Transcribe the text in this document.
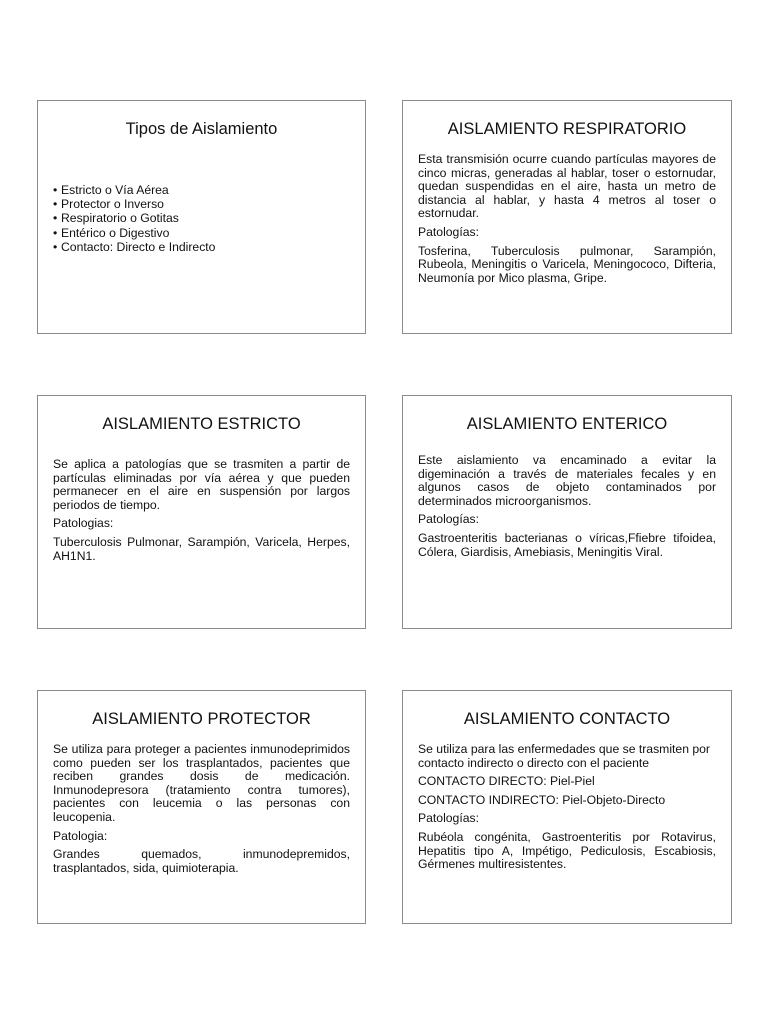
Tipos de Aislamiento
• Estricto o Vía Aérea
• Protector o Inverso
• Respiratorio o Gotitas
• Entérico o Digestivo
• Contacto: Directo e Indirecto
AISLAMIENTO RESPIRATORIO

Esta transmisión ocurre cuando partículas mayores de cinco micras, generadas al hablar, toser o estornudar, quedan suspendidas en el aire, hasta un metro de distancia al hablar, y hasta 4 metros al toser o estornudar.

Patologías:

Tosferina, Tuberculosis pulmonar, Sarampión, Rubeola, Meningitis o Varicela, Meningococo, Difteria, Neumonía por Mico plasma, Gripe.

AISLAMIENTO ESTRICTO

Se aplica a patologías que se trasmiten a partir de partículas eliminadas por vía aérea y que pueden permanecer en el aire en suspensión por largos periodos de tiempo.

Patologias:

Tuberculosis Pulmonar, Sarampión, Varicela, Herpes, AH1N1.

AISLAMIENTO ENTERICO

Este aislamiento va encaminado a evitar la digeminación a través de materiales fecales y en algunos casos de objeto contaminados por determinados microorganismos.

Patologías:

Gastroenteritis bacterianas o víricas,Ffiebre tifoidea, Cólera, Giardisis, Amebiasis, Meningitis Viral.

AISLAMIENTO PROTECTOR

Se utiliza para proteger a pacientes inmunodeprimidos como pueden ser los trasplantados, pacientes que reciben grandes dosis de medicación. Inmunodepresora (tratamiento contra tumores), pacientes con leucemia o las personas con leucopenia.

Patologia:

Grandes quemados, inmunodepremidos, trasplantados, sida, quimioterapia.

AISLAMIENTO CONTACTO

Se utiliza para las enfermedades que se trasmiten por contacto indirecto o directo con el paciente

CONTACTO DIRECTO: Piel-Piel

CONTACTO INDIRECTO: Piel-Objeto-Directo

Patologías:

Rubéola congénita, Gastroenteritis por Rotavirus, Hepatitis tipo A, Impétigo, Pediculosis, Escabiosis, Gérmenes multiresistentes.
